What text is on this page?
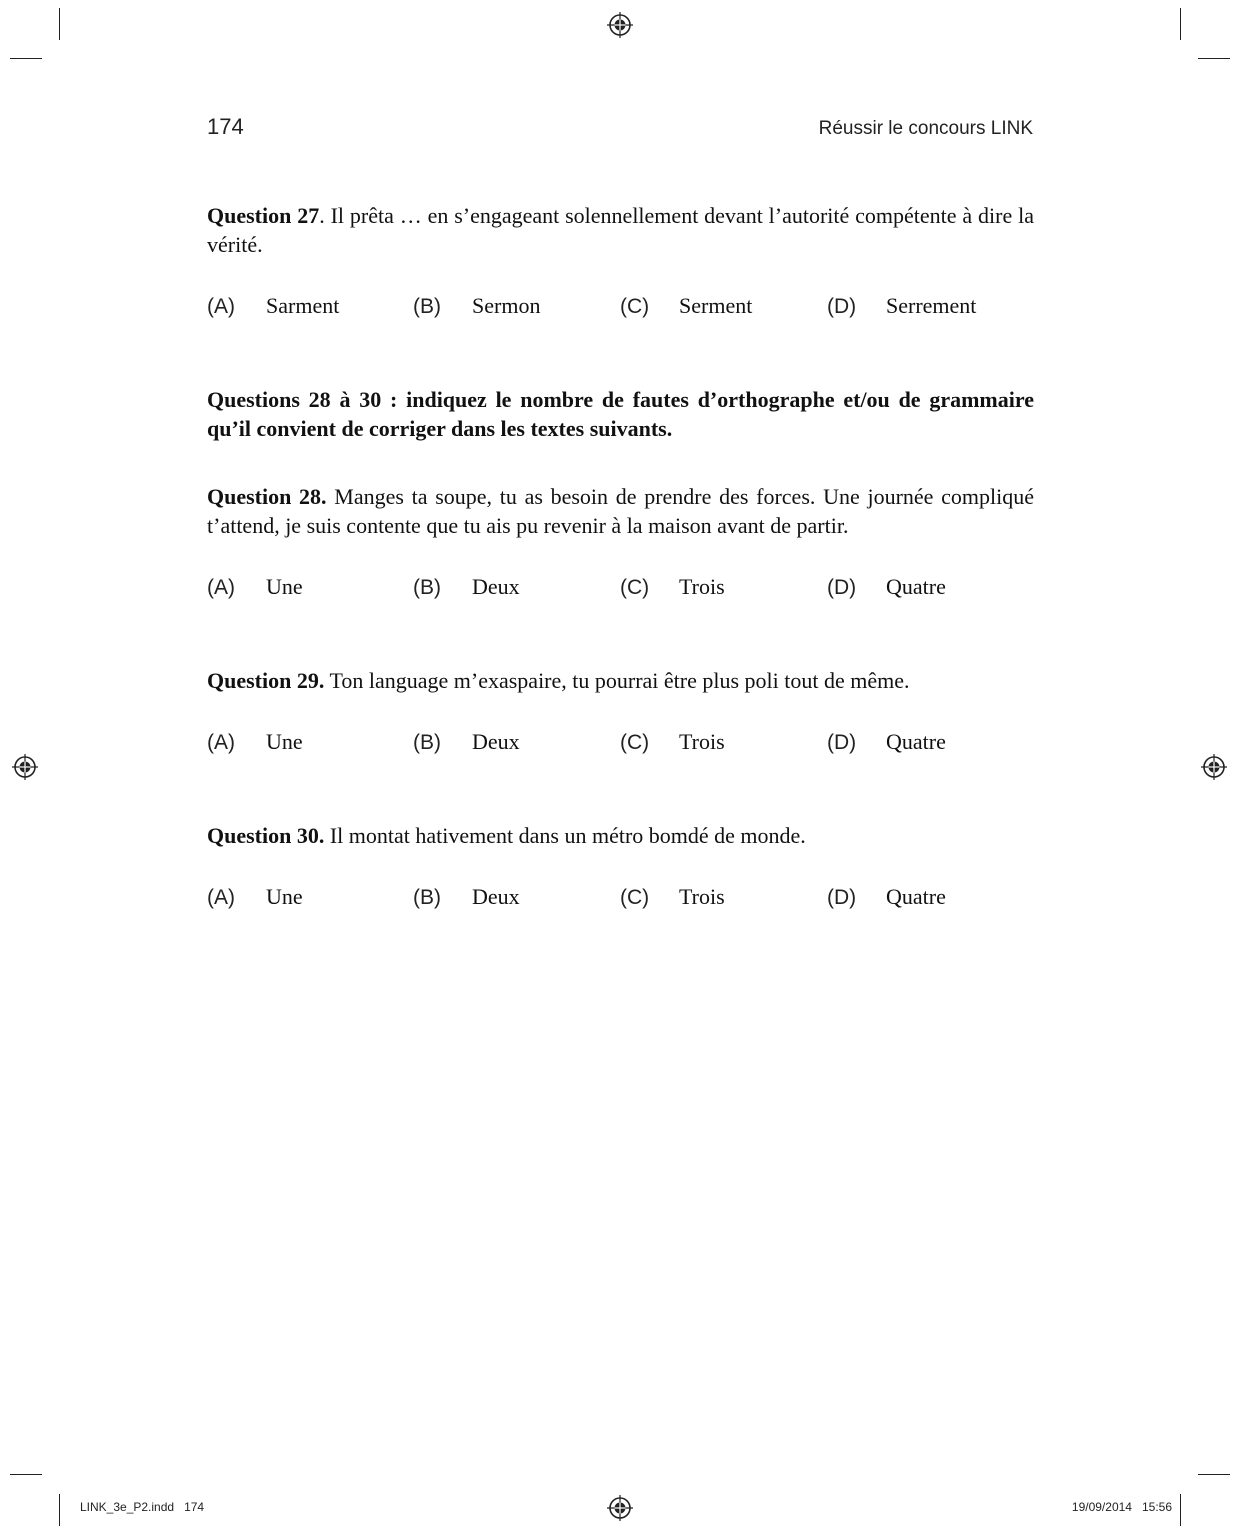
174	Réussir le concours LINK
Question 27. Il prêta … en s’engageant solennellement devant l’autorité compétente à dire la vérité.
(A) Sarment	(B) Sermon	(C) Serment	(D) Serrement
Questions 28 à 30 : indiquez le nombre de fautes d’orthographe et/ou de grammaire qu’il convient de corriger dans les textes suivants.
Question 28. Manges ta soupe, tu as besoin de prendre des forces. Une journée compliqué t’attend, je suis contente que tu ais pu revenir à la maison avant de partir.
(A) Une	(B) Deux	(C) Trois	(D) Quatre
Question 29. Ton language m’exaspaire, tu pourrai être plus poli tout de même.
(A) Une	(B) Deux	(C) Trois	(D) Quatre
Question 30. Il montat hativement dans un métro bomdé de monde.
(A) Une	(B) Deux	(C) Trois	(D) Quatre
LINK_3e_P2.indd   174	19/09/2014   15:56
